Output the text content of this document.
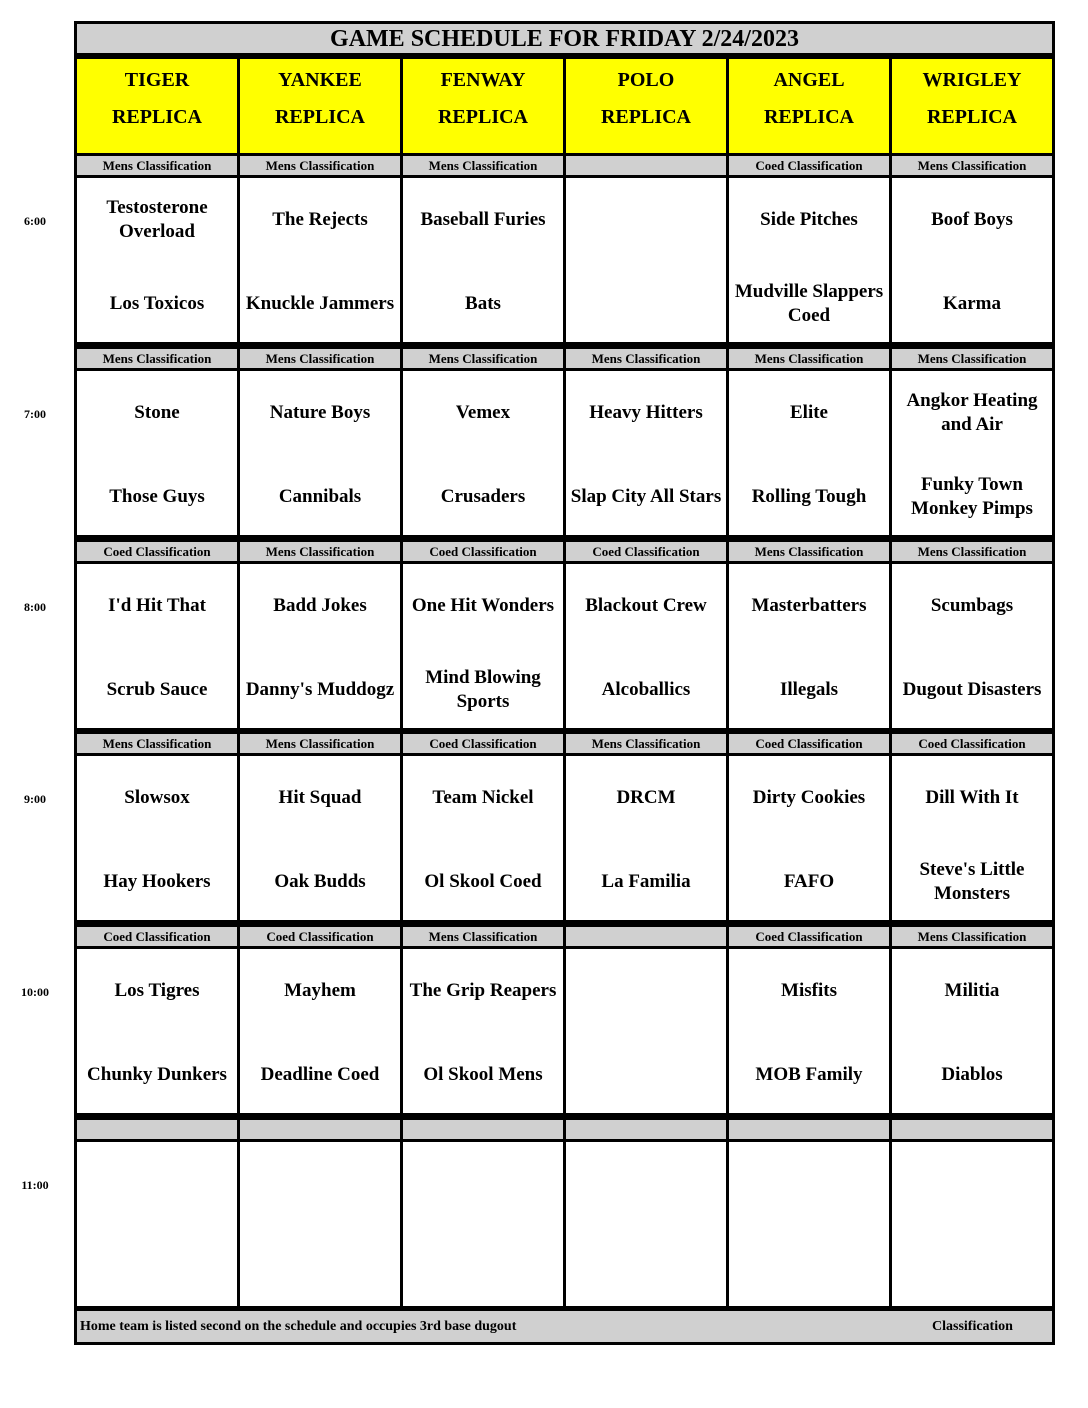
6:00
7:00
8:00
9:00
10:00
11:00
GAME SCHEDULE FOR FRIDAY 2/24/2023
Home team is listed second on the schedule and occupies 3rd base dugout	Classification
TIGER
REPLICA
YANKEE
REPLICA
FENWAY
REPLICA
POLO
REPLICA
ANGEL
REPLICA
WRIGLEY
REPLICA
Mens Classification
Testosterone Overload
Los Toxicos
Mens Classification
The Rejects
Knuckle Jammers
Mens Classification
Baseball Furies
Bats
Coed Classification
Side Pitches
Mudville Slappers Coed
Mens Classification
Boof Boys
Karma
Mens Classification
Stone
Those Guys
Mens Classification
Nature Boys
Cannibals
Mens Classification
Vemex
Crusaders
Mens Classification
Heavy Hitters
Slap City All Stars
Mens Classification
Elite
Rolling Tough
Mens Classification
Angkor Heating and Air
Funky Town Monkey Pimps
Coed Classification
I'd Hit That
Scrub Sauce
Mens Classification
Badd Jokes
Danny's Muddogz
Coed Classification
One Hit Wonders
Mind Blowing Sports
Coed Classification
Blackout Crew
Alcoballics
Mens Classification
Masterbatters
Illegals
Mens Classification
Scumbags
Dugout Disasters
Mens Classification
Slowsox
Hay Hookers
Mens Classification
Hit Squad
Oak Budds
Coed Classification
Team Nickel
Ol Skool Coed
Mens Classification
DRCM
La Familia
Coed Classification
Dirty Cookies
FAFO
Coed Classification
Dill With It
Steve's Little Monsters
Coed Classification
Los Tigres
Chunky Dunkers
Coed Classification
Mayhem
Deadline Coed
Mens Classification
The Grip Reapers
Ol Skool Mens
Coed Classification
Misfits
MOB Family
Mens Classification
Militia
Diablos
